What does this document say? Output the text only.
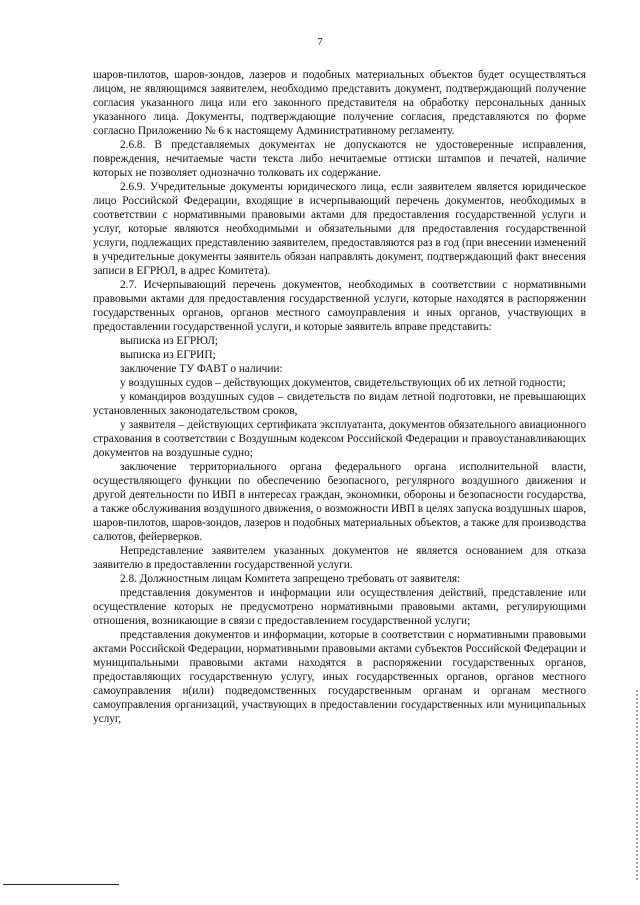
7

шаров-пилотов, шаров-зондов, лазеров и подобных материальных объектов будет осуществляться лицом, не являющимся заявителем, необходимо представить документ, подтверждающий получение согласия указанного лица или его законного представителя на обработку персональных данных указанного лица. Документы, подтверждающие получение согласия, представляются по форме согласно Приложению № 6 к настоящему Административному регламенту.

2.6.8. В представляемых документах не допускаются не удостоверенные исправления, повреждения, нечитаемые части текста либо нечитаемые оттиски штампов и печатей, наличие которых не позволяет однозначно толковать их содержание.

2.6.9. Учредительные документы юридического лица, если заявителем является юридическое лицо Российской Федерации, входящие в исчерпывающий перечень документов, необходимых в соответствии с нормативными правовыми актами для предоставления государственной услуги и услуг, которые являются необходимыми и обязательными для предоставления государственной услуги, подлежащих представлению заявителем, предоставляются раз в год (при внесении изменений в учредительные документы заявитель обязан направлять документ, подтверждающий факт внесения записи в ЕГРЮЛ, в адрес Комитета).

2.7. Исчерпывающий перечень документов, необходимых в соответствии с нормативными правовыми актами для предоставления государственной услуги, которые находятся в распоряжении государственных органов, органов местного самоуправления и иных органов, участвующих в предоставлении государственной услуги, и которые заявитель вправе представить:

выписка из ЕГРЮЛ;

выписка из ЕГРИП;

заключение ТУ ФАВТ о наличии:

у воздушных судов – действующих документов, свидетельствующих об их летной годности;

у командиров воздушных судов – свидетельств по видам летной подготовки, не превышающих установленных законодательством сроков,

у заявителя – действующих сертификата эксплуатанта, документов обязательного авиационного страхования в соответствии с Воздушным кодексом Российской Федерации и правоустанавливающих документов на воздушные судно;

заключение территориального органа федерального органа исполнительной власти, осуществляющего функции по обеспечению безопасного, регулярного воздушного движения и другой деятельности по ИВП в интересах граждан, экономики, обороны и безопасности государства, а также обслуживания воздушного движения, о возможности ИВП в целях запуска воздушных шаров, шаров-пилотов, шаров-зондов, лазеров и подобных материальных объектов, а также для производства салютов, фейерверков.

Непредставление заявителем указанных документов не является основанием для отказа заявителю в предоставлении государственной услуги.

2.8. Должностным лицам Комитета запрещено требовать от заявителя:

представления документов и информации или осуществления действий, представление или осуществление которых не предусмотрено нормативными правовыми актами, регулирующими отношения, возникающие в связи с предоставлением государственной услуги;

представления документов и информации, которые в соответствии с нормативными правовыми актами Российской Федерации, нормативными правовыми актами субъектов Российской Федерации и муниципальными правовыми актами находятся в распоряжении государственных органов, предоставляющих государственную услугу, иных государственных органов, органов местного самоуправления и(или) подведомственных государственным органам и органам местного самоуправления организаций, участвующих в предоставлении государственных или муниципальных услуг,
